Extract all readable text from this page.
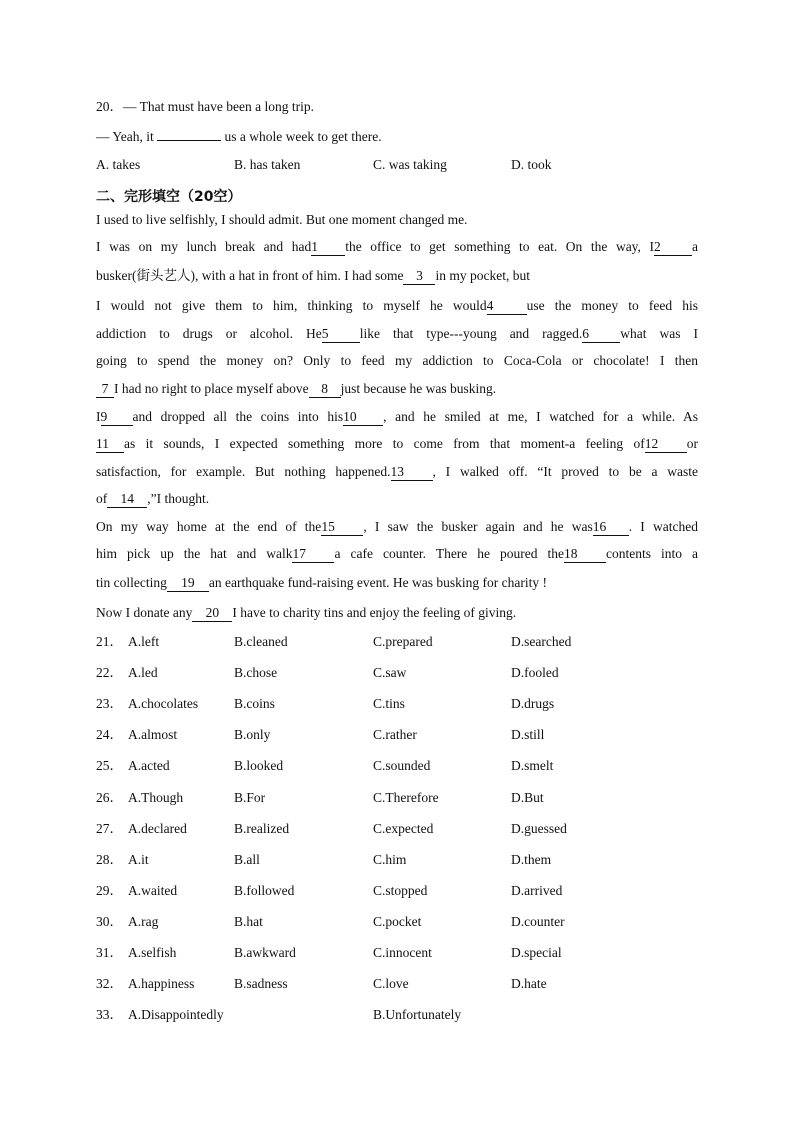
20．— That must have been a long trip.
— Yeah, it	us a whole week to get there.
A. takes	B. has taken	C. was taking	D. took
二、完形填空（20空）
I used to live selfishly, I should admit. But one moment changed me.
I was on my lunch break and had1 the office to get something to eat. On the way, I2 a
busker(街头艺人), with a hat in front of him. I had some 3 in my pocket, but
I would not give them to him, thinking to myself he would4 use the money to feed his
addiction to drugs or alcohol. He5 like that type---young and ragged.6 what was I
going to spend the money on? Only to feed my addiction to Coca-Cola or chocolate! I then
7 I had no right to place myself above 8 just because he was busking.
I9 and dropped all the coins into his10 , and he smiled at me, I watched for a while. As
11 as it sounds, I expected something more to come from that moment-a feeling of12 or
satisfaction, for example. But nothing happened.13 , I walked off. “It proved to be a waste
of 14 ,”I thought.
On my way home at the end of the15 , I saw the busker again and he was16 . I watched
him pick up the hat and walk17 a cafe counter. There he poured the18 contents into a
tin collecting 19 an earthquake fund-raising event. He was busking for charity !
Now I donate any 20 I have to charity tins and enjoy the feeling of giving.
21． A.left	B.cleaned	C.prepared	D.searched
22． A.led	B.chose	C.saw	D.fooled
23． A.chocolates	B.coins	C.tins	D.drugs
24． A.almost	B.only	C.rather	D.still
25． A.acted	B.looked	C.sounded	D.smelt
26． A.Though	B.For	C.Therefore	D.But
27． A.declared	B.realized	C.expected	D.guessed
28． A.it	B.all	C.him	D.them
29． A.waited	B.followed	C.stopped	D.arrived
30． A.rag	B.hat	C.pocket	D.counter
31． A.selfish	B.awkward	C.innocent	D.special
32． A.happiness	B.sadness	C.love	D.hate
33． A.Disappointedly	B.Unfortunately
